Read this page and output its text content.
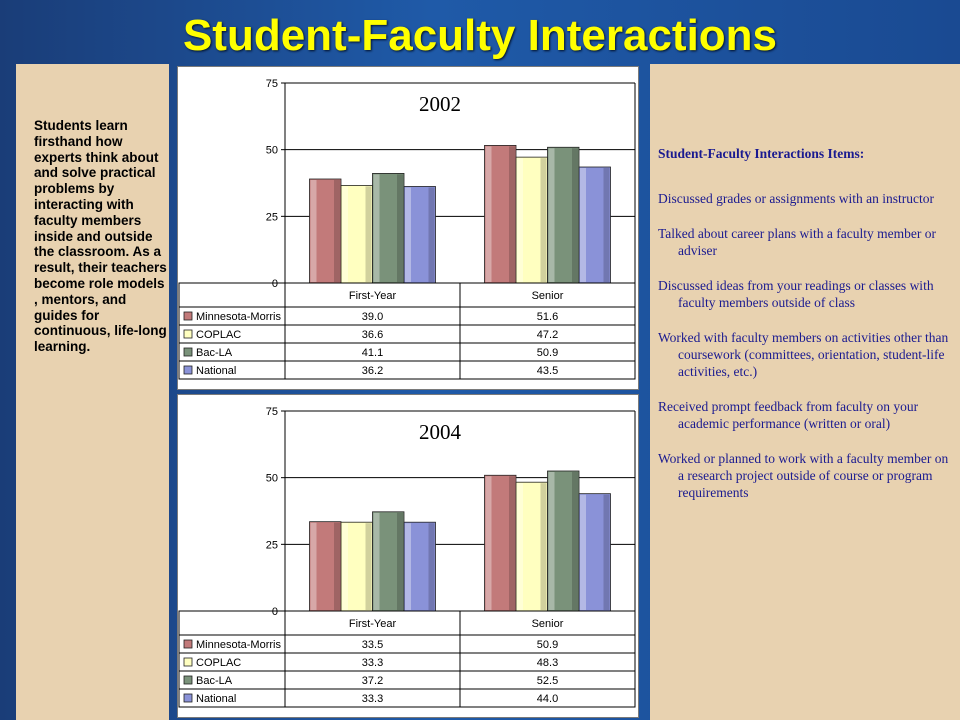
Student-Faculty Interactions
Students learn firsthand how experts think about and solve practical problems by interacting with faculty members inside and outside the classroom. As a result, their teachers become role models , mentors, and guides for continuous, life-long learning.
0
25
50
75
2002
First-Year	Senior
Minnesota-Morris	39.0	51.6
COPLAC	36.6	47.2
Bac-LA	41.1	50.9
National	36.2	43.5
0
25
50
75
2004
First-Year	Senior
Minnesota-Morris	33.5	50.9
COPLAC	33.3	48.3
Bac-LA	37.2	52.5
National	33.3	44.0
Student-Faculty Interactions Items:
Discussed grades or assignments with an instructor
Talked about career plans with a faculty member or adviser
Discussed ideas from your readings or classes with faculty members outside of class
Worked with faculty members on activities other than coursework (committees, orientation, student-life activities, etc.)
Received prompt feedback from faculty on your academic performance (written or oral)
Worked or planned to work with a faculty member on a research project outside of course or program requirements
